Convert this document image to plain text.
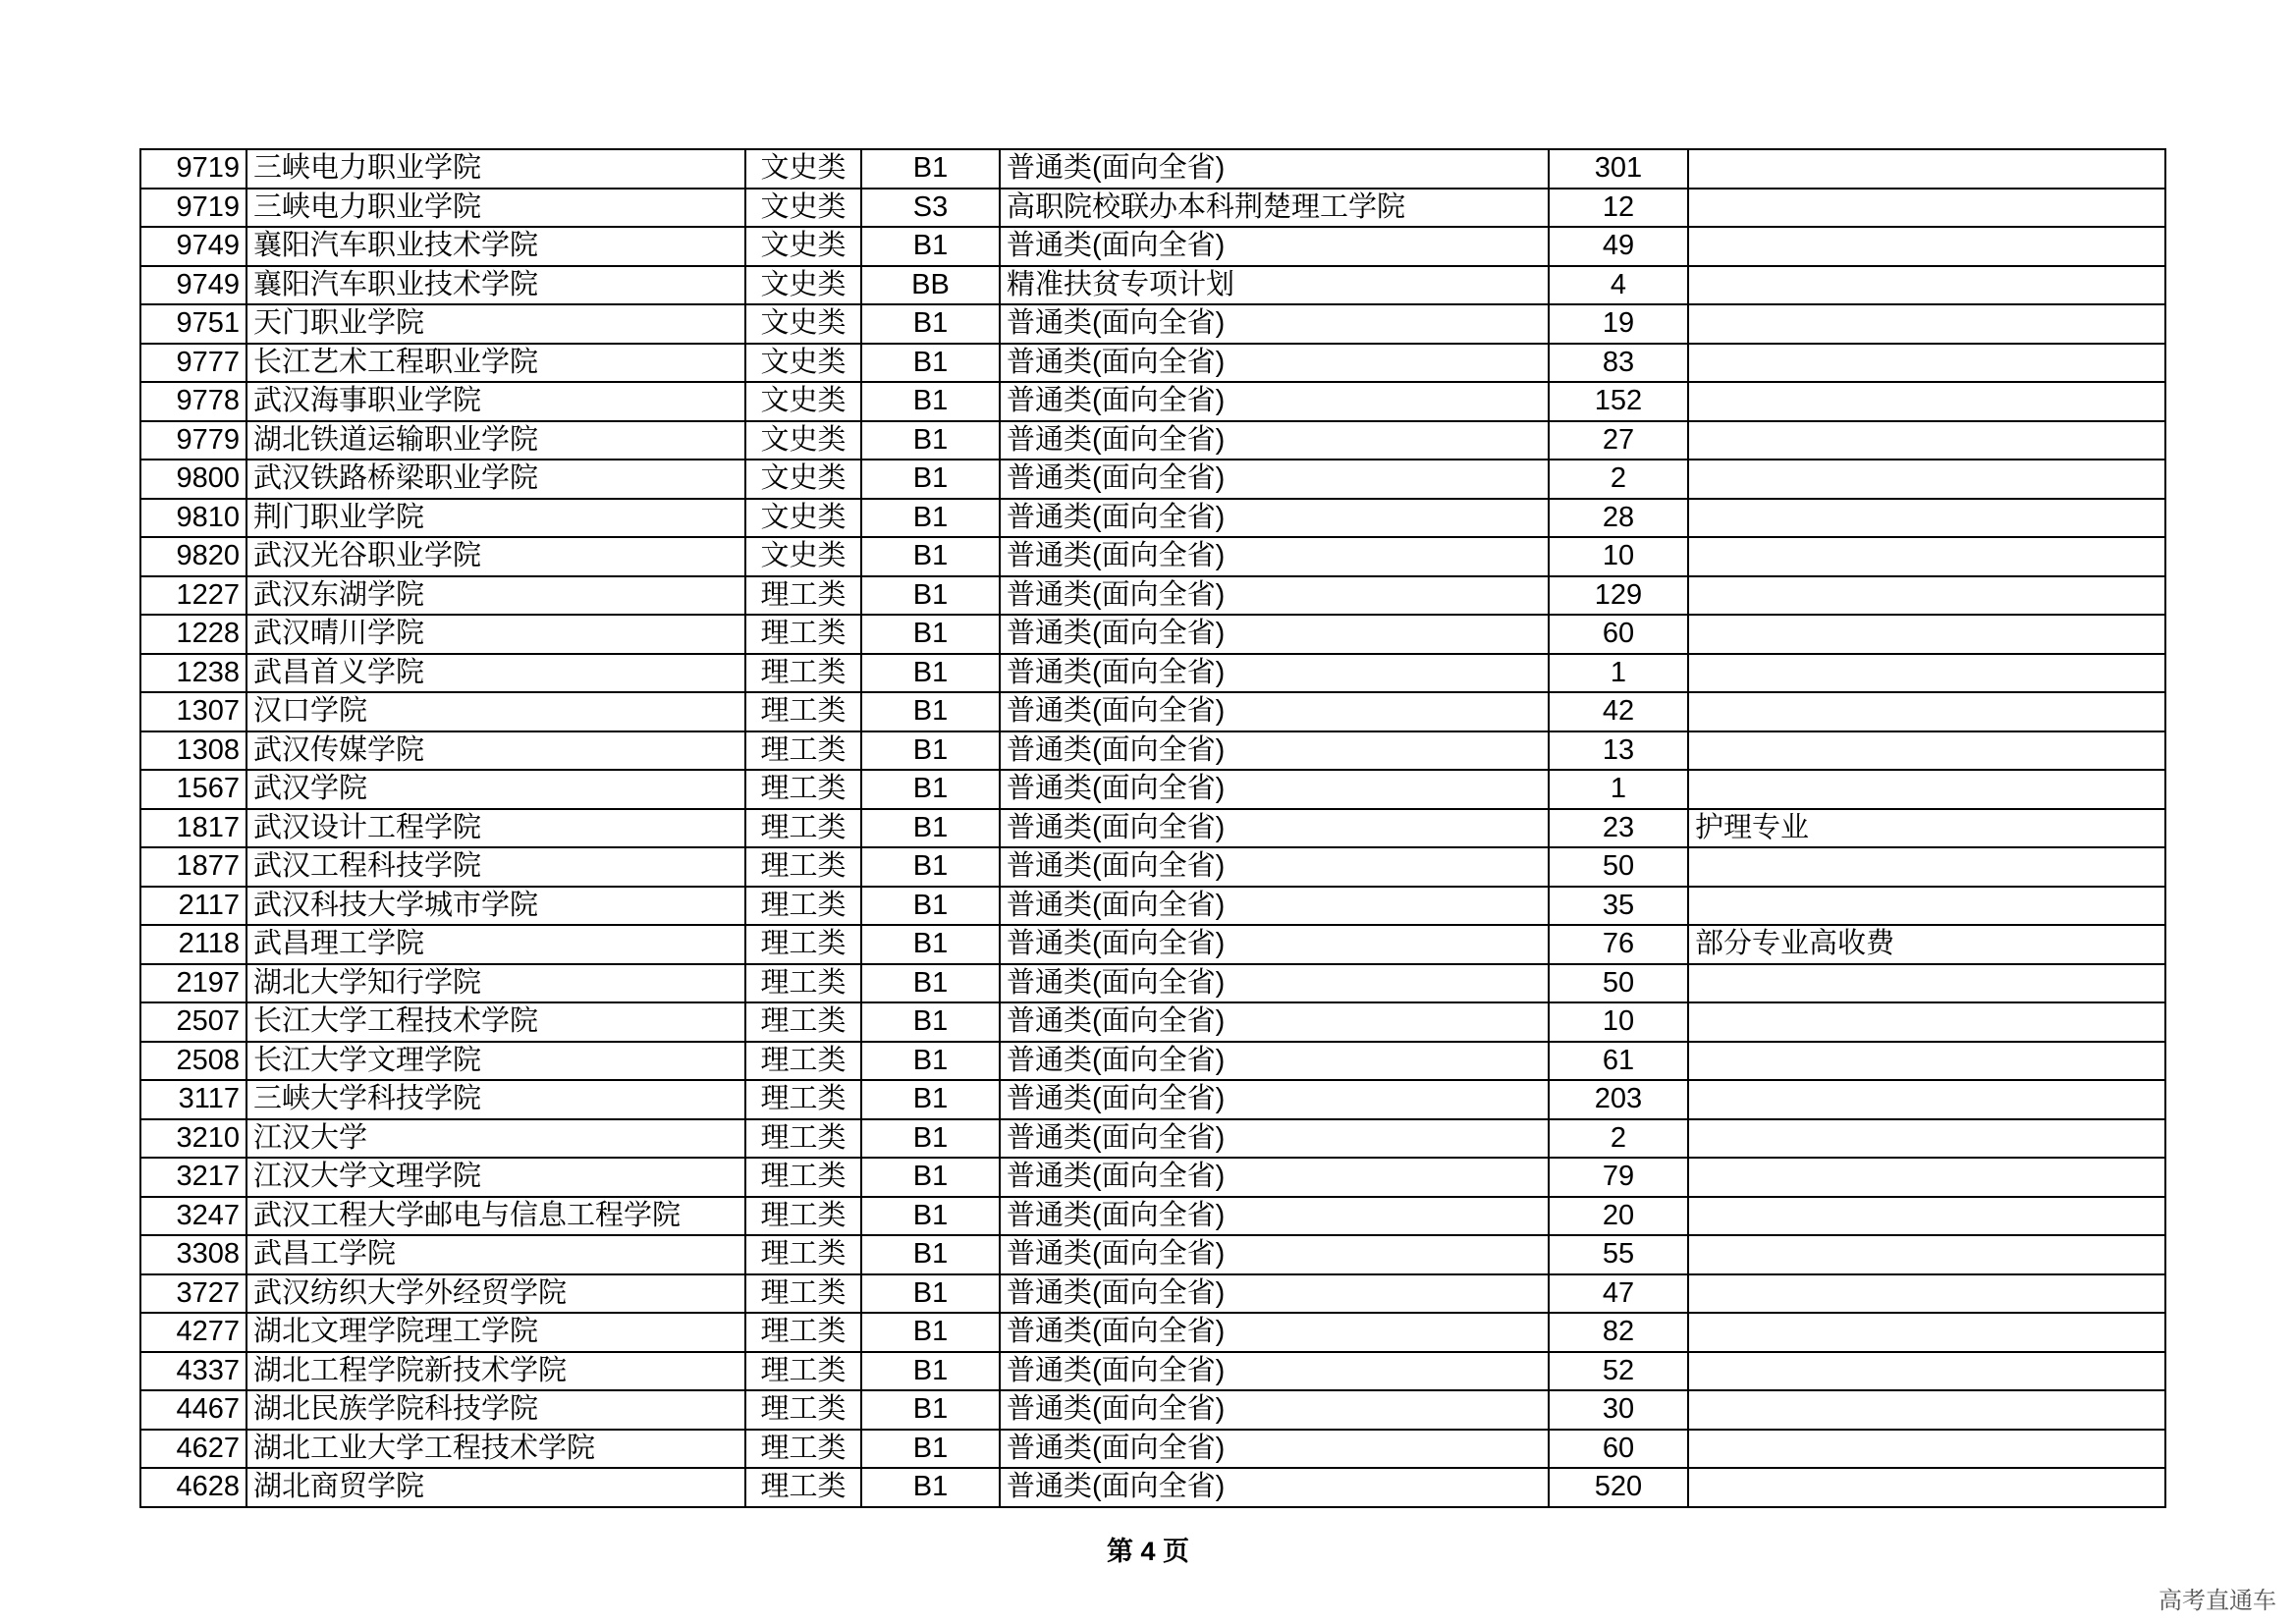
9719	三峡电力职业学院	文史类	B1	普通类(面向全省)	301	
9719	三峡电力职业学院	文史类	S3	高职院校联办本科荆楚理工学院	12	
9749	襄阳汽车职业技术学院	文史类	B1	普通类(面向全省)	49	
9749	襄阳汽车职业技术学院	文史类	BB	精准扶贫专项计划	4	
9751	天门职业学院	文史类	B1	普通类(面向全省)	19	
9777	长江艺术工程职业学院	文史类	B1	普通类(面向全省)	83	
9778	武汉海事职业学院	文史类	B1	普通类(面向全省)	152	
9779	湖北铁道运输职业学院	文史类	B1	普通类(面向全省)	27	
9800	武汉铁路桥梁职业学院	文史类	B1	普通类(面向全省)	2	
9810	荆门职业学院	文史类	B1	普通类(面向全省)	28	
9820	武汉光谷职业学院	文史类	B1	普通类(面向全省)	10	
1227	武汉东湖学院	理工类	B1	普通类(面向全省)	129	
1228	武汉晴川学院	理工类	B1	普通类(面向全省)	60	
1238	武昌首义学院	理工类	B1	普通类(面向全省)	1	
1307	汉口学院	理工类	B1	普通类(面向全省)	42	
1308	武汉传媒学院	理工类	B1	普通类(面向全省)	13	
1567	武汉学院	理工类	B1	普通类(面向全省)	1	
1817	武汉设计工程学院	理工类	B1	普通类(面向全省)	23	护理专业
1877	武汉工程科技学院	理工类	B1	普通类(面向全省)	50	
2117	武汉科技大学城市学院	理工类	B1	普通类(面向全省)	35	
2118	武昌理工学院	理工类	B1	普通类(面向全省)	76	部分专业高收费
2197	湖北大学知行学院	理工类	B1	普通类(面向全省)	50	
2507	长江大学工程技术学院	理工类	B1	普通类(面向全省)	10	
2508	长江大学文理学院	理工类	B1	普通类(面向全省)	61	
3117	三峡大学科技学院	理工类	B1	普通类(面向全省)	203	
3210	江汉大学	理工类	B1	普通类(面向全省)	2	
3217	江汉大学文理学院	理工类	B1	普通类(面向全省)	79	
3247	武汉工程大学邮电与信息工程学院	理工类	B1	普通类(面向全省)	20	
3308	武昌工学院	理工类	B1	普通类(面向全省)	55	
3727	武汉纺织大学外经贸学院	理工类	B1	普通类(面向全省)	47	
4277	湖北文理学院理工学院	理工类	B1	普通类(面向全省)	82	
4337	湖北工程学院新技术学院	理工类	B1	普通类(面向全省)	52	
4467	湖北民族学院科技学院	理工类	B1	普通类(面向全省)	30	
4627	湖北工业大学工程技术学院	理工类	B1	普通类(面向全省)	60	
4628	湖北商贸学院	理工类	B1	普通类(面向全省)	520	
第 4 页
高考直通车
